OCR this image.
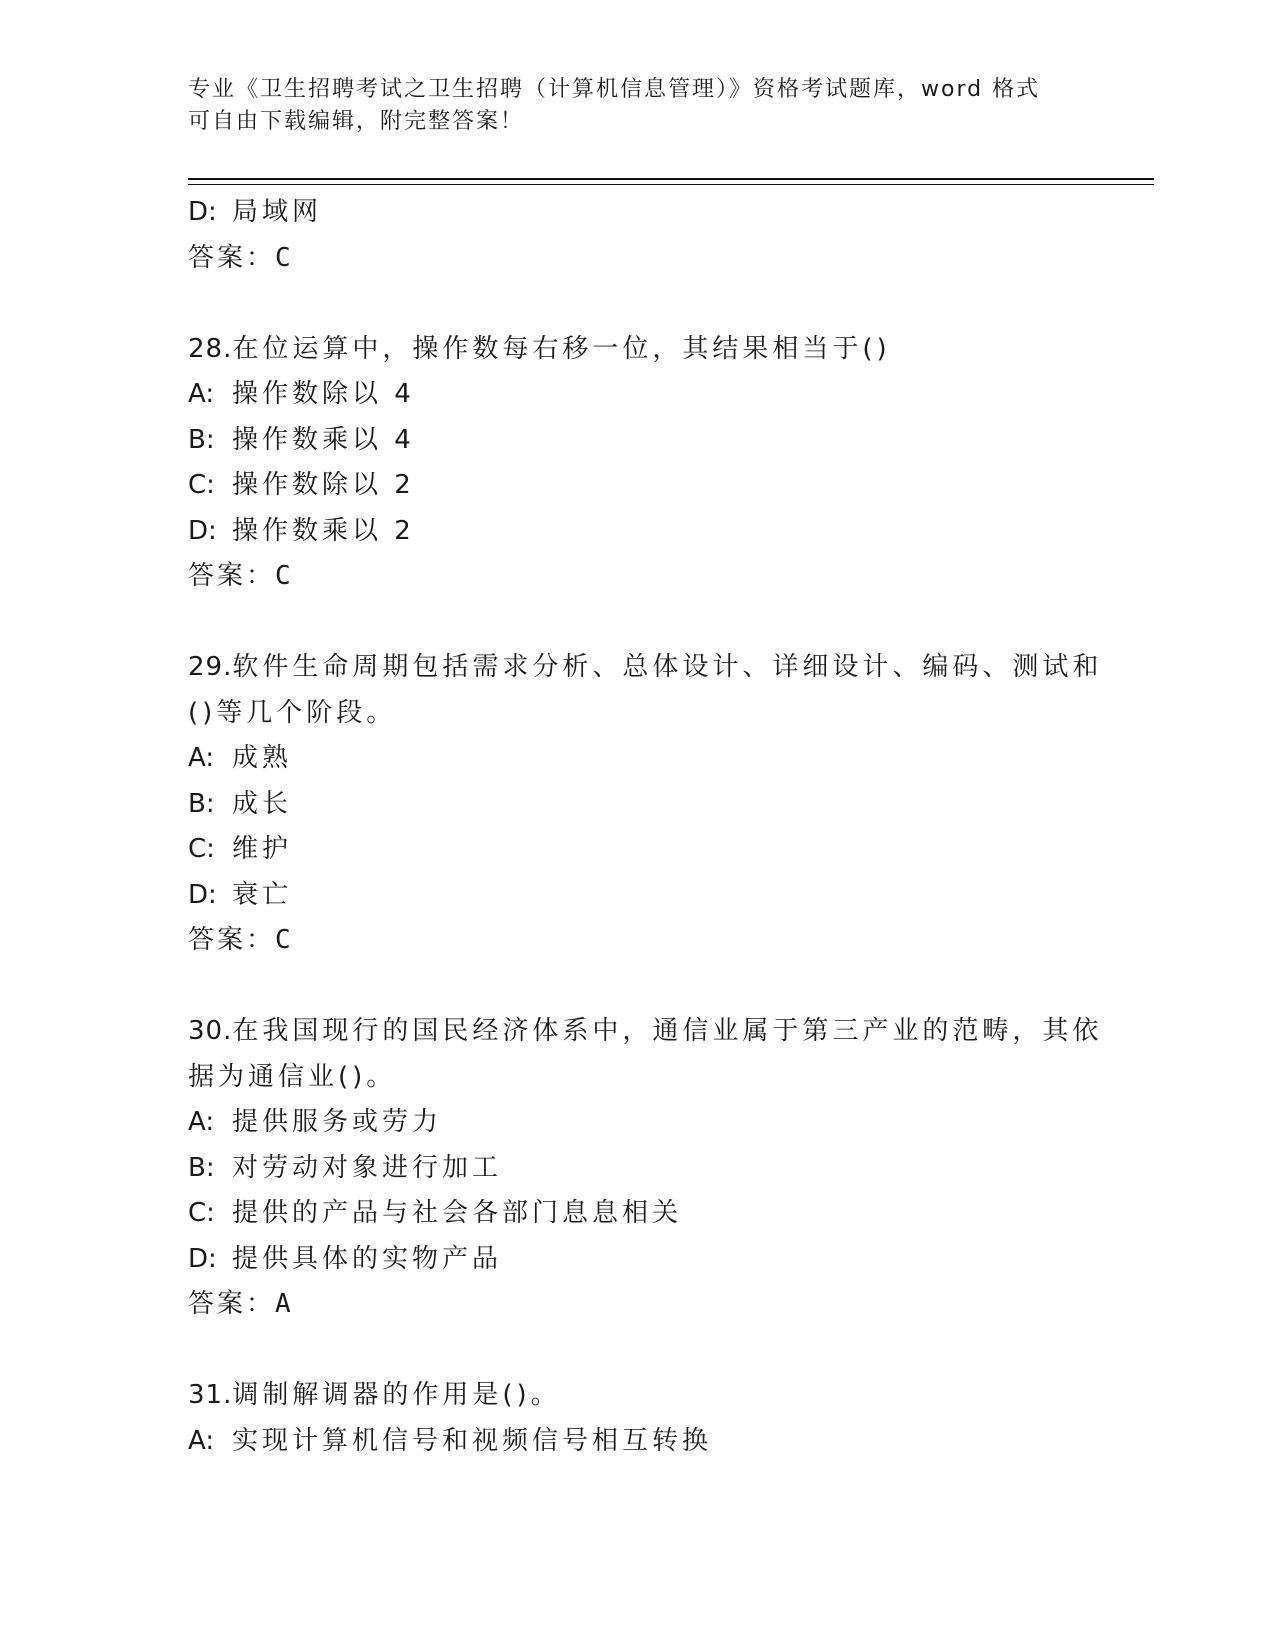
专业《卫生招聘考试之卫生招聘（计算机信息管理）》资格考试题库，word 格式
可自由下载编辑，附完整答案！
D: 局域网
答案：C
28.在位运算中，操作数每右移一位，其结果相当于()
A: 操作数除以 4
B: 操作数乘以 4
C: 操作数除以 2
D: 操作数乘以 2
答案：C
29.软件生命周期包括需求分析、总体设计、详细设计、编码、测试和
()等几个阶段。
A: 成熟
B: 成长
C: 维护
D: 衰亡
答案：C
30.在我国现行的国民经济体系中，通信业属于第三产业的范畴，其依
据为通信业()。
A: 提供服务或劳力
B: 对劳动对象进行加工
C: 提供的产品与社会各部门息息相关
D: 提供具体的实物产品
答案：A
31.调制解调器的作用是()。
A: 实现计算机信号和视频信号相互转换
